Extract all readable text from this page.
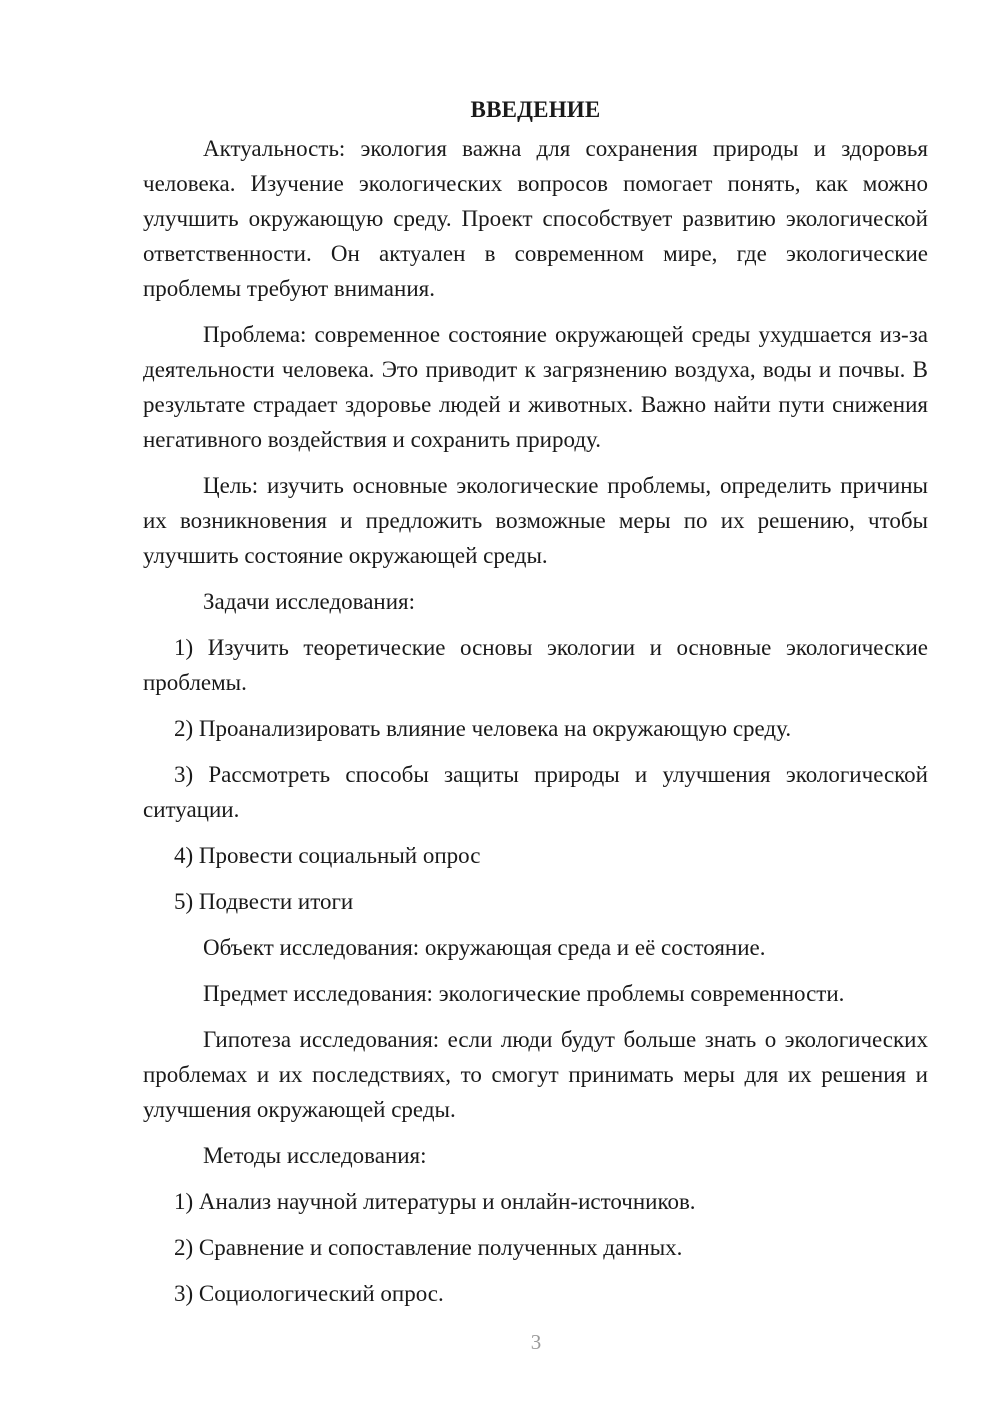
ВВЕДЕНИЕ

Актуальность: экология важна для сохранения природы и здоровья человека. Изучение экологических вопросов помогает понять, как можно улучшить окружающую среду. Проект способствует развитию экологической ответственности. Он актуален в современном мире, где экологические проблемы требуют внимания.

Проблема: современное состояние окружающей среды ухудшается из-за деятельности человека. Это приводит к загрязнению воздуха, воды и почвы. В результате страдает здоровье людей и животных. Важно найти пути снижения негативного воздействия и сохранить природу.

Цель: изучить основные экологические проблемы, определить причины их возникновения и предложить возможные меры по их решению, чтобы улучшить состояние окружающей среды.

Задачи исследования:

1) Изучить теоретические основы экологии и основные экологические проблемы.

2) Проанализировать влияние человека на окружающую среду.

3) Рассмотреть способы защиты природы и улучшения экологической ситуации.

4) Провести социальный опрос

5) Подвести итоги

Объект исследования: окружающая среда и её состояние.

Предмет исследования: экологические проблемы современности.

Гипотеза исследования: если люди будут больше знать о экологических проблемах и их последствиях, то смогут принимать меры для их решения и улучшения окружающей среды.

Методы исследования:

1) Анализ научной литературы и онлайн-источников.

2) Сравнение и сопоставление полученных данных.

3) Социологический опрос.

3
